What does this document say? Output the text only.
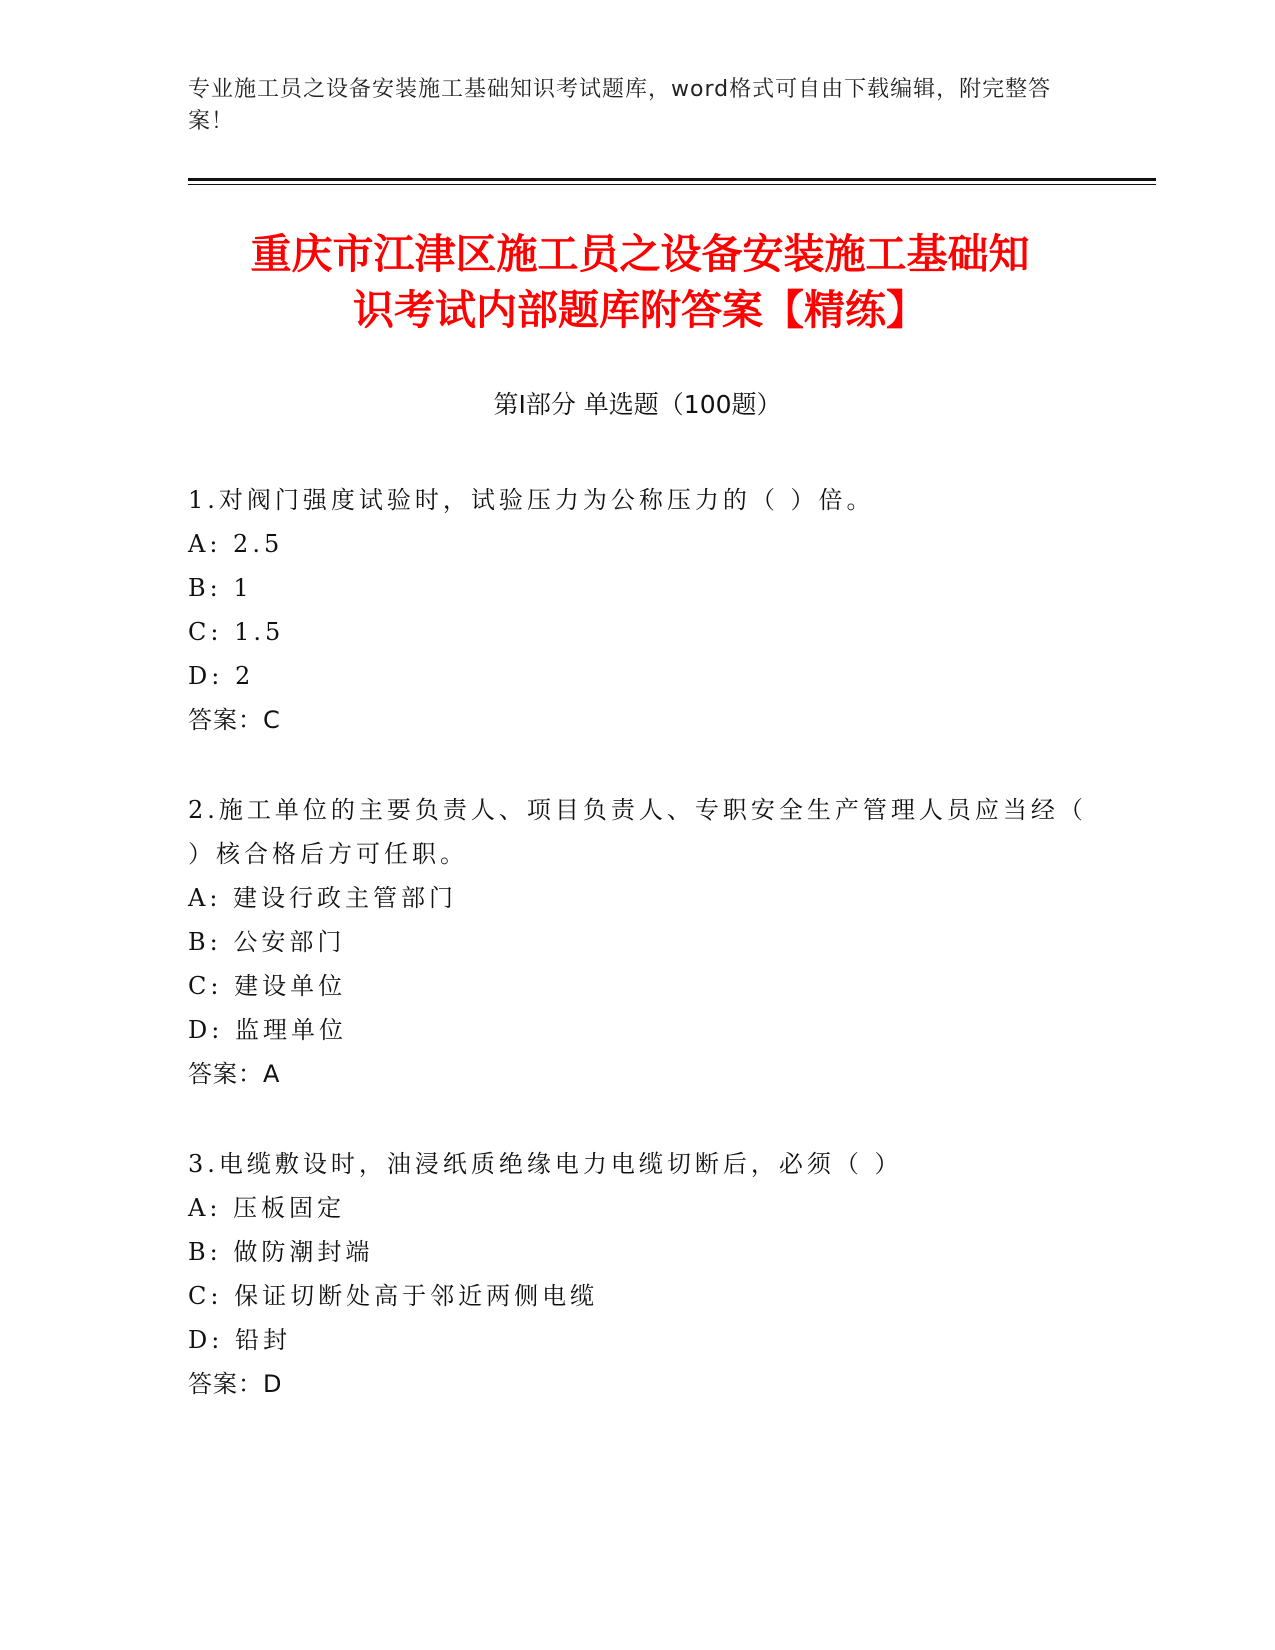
专业施工员之设备安装施工基础知识考试题库，word格式可自由下载编辑，附完整答案！
重庆市江津区施工员之设备安装施工基础知
识考试内部题库附答案【精练】
第Ⅰ部分 单选题（100题）

1.对阀门强度试验时，试验压力为公称压力的（ ）倍。

A: 2.5

B: 1

C: 1.5

D: 2

答案：C

2.施工单位的主要负责人、项目负责人、专职安全生产管理人员应当经（ ）核合格后方可任职。

A: 建设行政主管部门

B: 公安部门

C: 建设单位

D: 监理单位

答案：A

3.电缆敷设时，油浸纸质绝缘电力电缆切断后，必须（ ）

A: 压板固定

B: 做防潮封端

C: 保证切断处高于邻近两侧电缆

D: 铅封

答案：D
